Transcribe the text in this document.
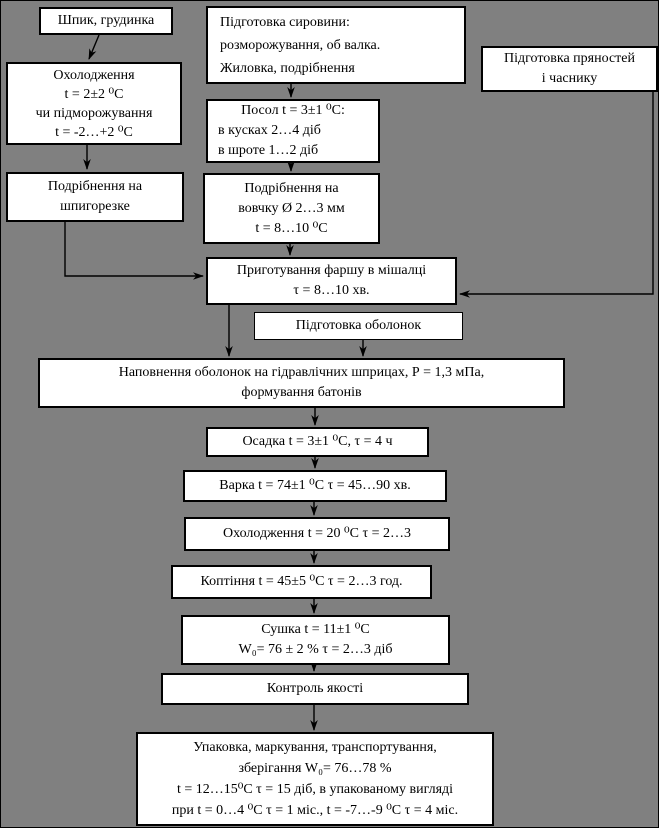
Шпик, грудинка	Підготовка сировини:
розморожування, об валка.
Жиловка, подрібнення
Підготовка пряностей
і часнику
Охолодження
t = 2±2 ⁰С
чи підморожування
t = -2…+2 ⁰С
Посол t = 3±1 ⁰С:
в кусках 2…4 діб
в шроте 1…2 діб
Подрібнення на
шпигорезке
Подрібнення на
вовчку Ø 2…3 мм
t = 8…10 ⁰С
Приготування фаршу в мішалці
τ = 8…10 хв.
Підготовка оболонок
Наповнення оболонок на гідравлічних шприцах, Р = 1,3 мПа,
формування батонів
Осадка t = 3±1 ⁰С, τ = 4 ч
Варка t = 74±1 ⁰С τ = 45…90 хв.
Охолодження t = 20 ⁰С τ = 2…3
Коптіння t = 45±5 ⁰С τ = 2…3 год.
Сушка t = 11±1 ⁰С
W₀= 76 ± 2 % τ = 2…3 діб
Контроль якості
Упаковка, маркування, транспортування,
зберігання W₀= 76…78 %
t = 12…15⁰С τ = 15 діб, в упакованому вигляді
при t = 0…4 ⁰С τ = 1 міс., t = -7…-9 ⁰С τ = 4 міс.
